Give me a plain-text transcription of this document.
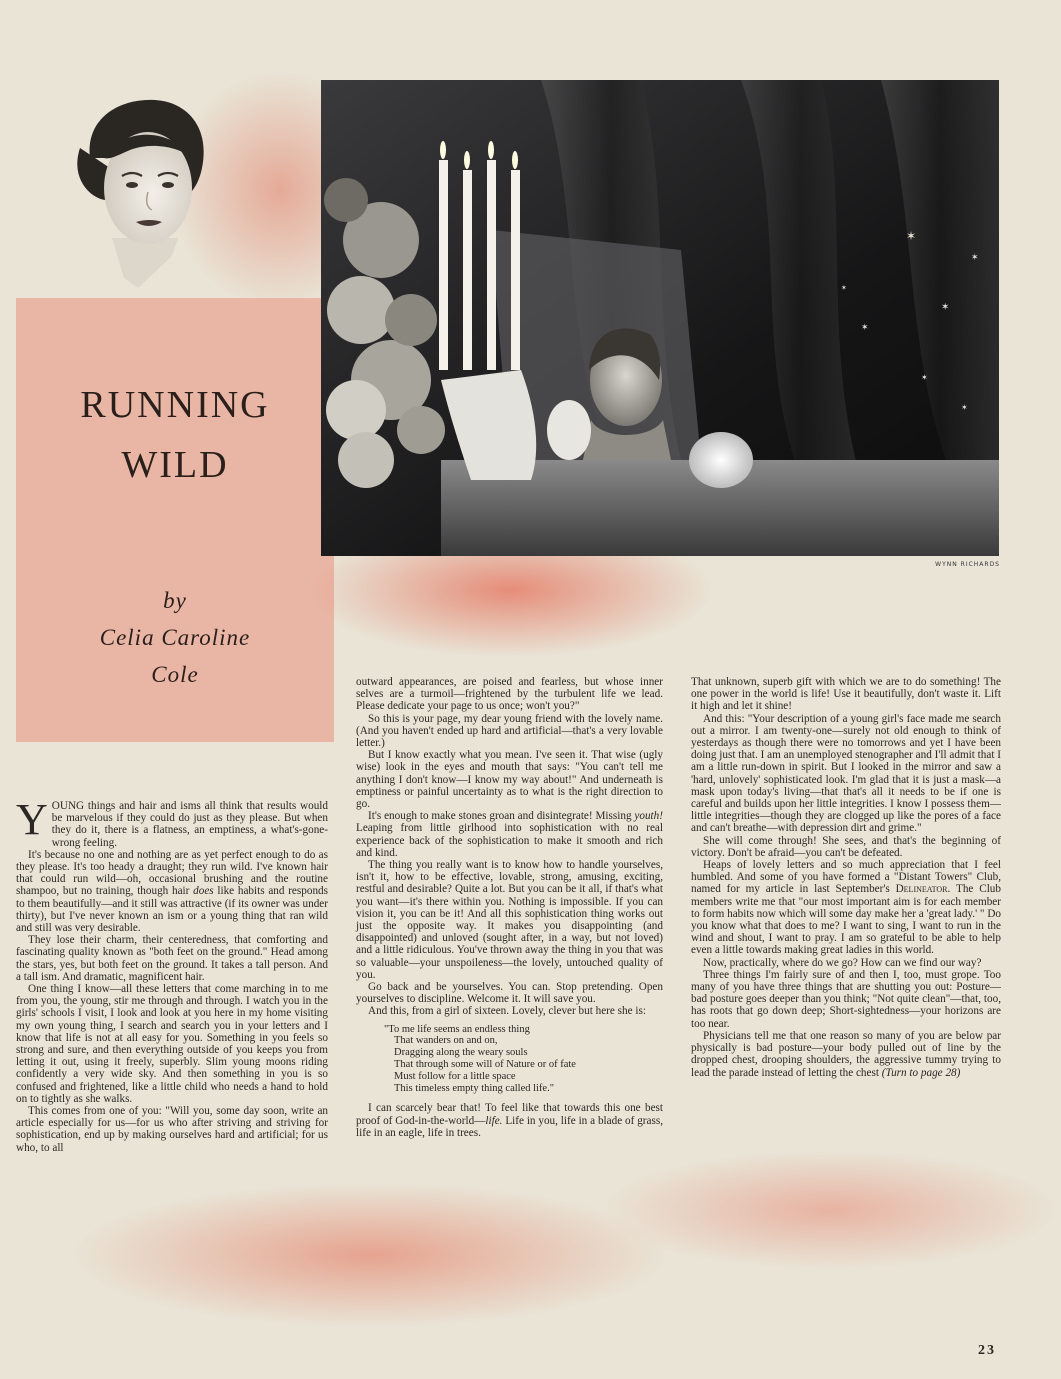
RUNNING
WILD
by
Celia Caroline
Cole
✶
✶
✶
✶
✶
✶
✶
WYNN RICHARDS

YOUNG things and hair and isms all think that results would be marvelous if they could do just as they please. But when they do it, there is a flatness, an emptiness, a what's-gone-wrong feeling.

It's because no one and nothing are as yet perfect enough to do as they please. It's too heady a draught; they run wild. I've known hair that could run wild—oh, occasional brushing and the routine shampoo, but no training, though hair does like habits and responds to them beautifully—and it still was attractive (if its owner was under thirty), but I've never known an ism or a young thing that ran wild and still was very desirable.

They lose their charm, their centeredness, that comforting and fascinating quality known as "both feet on the ground." Head among the stars, yes, but both feet on the ground. It takes a tall person. And a tall ism. And dramatic, magnificent hair.

One thing I know—all these letters that come marching in to me from you, the young, stir me through and through. I watch you in the girls' schools I visit, I look and look at you here in my home visiting my own young thing, I search and search you in your letters and I know that life is not at all easy for you. Something in you feels so strong and sure, and then everything outside of you keeps you from letting it out, using it freely, superbly. Slim young moons riding confidently a very wide sky. And then something in you is so confused and frightened, like a little child who needs a hand to hold on to tightly as she walks.

This comes from one of you: "Will you, some day soon, write an article especially for us—for us who after striving and striving for sophistication, end up by making ourselves hard and artificial; for us who, to all

outward appearances, are poised and fearless, but whose inner selves are a turmoil—frightened by the turbulent life we lead. Please dedicate your page to us once; won't you?"

So this is your page, my dear young friend with the lovely name. (And you haven't ended up hard and artificial—that's a very lovable letter.)

But I know exactly what you mean. I've seen it. That wise (ugly wise) look in the eyes and mouth that says: "You can't tell me anything I don't know—I know my way about!" And underneath is emptiness or painful uncertainty as to what is the right direction to go.

It's enough to make stones groan and disintegrate! Missing youth! Leaping from little girlhood into sophistication with no real experience back of the sophistication to make it smooth and rich and kind.

The thing you really want is to know how to handle yourselves, isn't it, how to be effective, lovable, strong, amusing, exciting, restful and desirable? Quite a lot. But you can be it all, if that's what you want—it's there within you. Nothing is impossible. If you can vision it, you can be it! And all this sophistication thing works out just the opposite way. It makes you disappointing (and disappointed) and unloved (sought after, in a way, but not loved) and a little ridiculous. You've thrown away the thing in you that was so valuable—your unspoileness—the lovely, untouched quality of you.

Go back and be yourselves. You can. Stop pretending. Open yourselves to discipline. Welcome it. It will save you.

And this, from a girl of sixteen. Lovely, clever but here she is:

"To me life seems an endless thing
That wanders on and on,
Dragging along the weary souls
That through some will of Nature or of fate
Must follow for a little space
This timeless empty thing called life."

I can scarcely bear that! To feel like that towards this one best proof of God-in-the-world—life. Life in you, life in a blade of grass, life in an eagle, life in trees.

That unknown, superb gift with which we are to do something! The one power in the world is life! Use it beautifully, don't waste it. Lift it high and let it shine!

And this: "Your description of a young girl's face made me search out a mirror. I am twenty-one—surely not old enough to think of yesterdays as though there were no tomorrows and yet I have been doing just that. I am an unemployed stenographer and I'll admit that I am a little run-down in spirit. But I looked in the mirror and saw a 'hard, unlovely' sophisticated look. I'm glad that it is just a mask—a mask upon today's living—that that's all it needs to be if one is careful and builds upon her little integrities. I know I possess them—little integrities—though they are clogged up like the pores of a face and can't breathe—with depression dirt and grime."

She will come through! She sees, and that's the beginning of victory. Don't be afraid—you can't be defeated.

Heaps of lovely letters and so much appreciation that I feel humbled. And some of you have formed a "Distant Towers" Club, named for my article in last September's Delineator. The Club members write me that "our most important aim is for each member to form habits now which will some day make her a 'great lady.' " Do you know what that does to me? I want to sing, I want to run in the wind and shout, I want to pray. I am so grateful to be able to help even a little towards making great ladies in this world.

Now, practically, where do we go? How can we find our way?

Three things I'm fairly sure of and then I, too, must grope. Too many of you have three things that are shutting you out: Posture—bad posture goes deeper than you think; "Not quite clean"—that, too, has roots that go down deep; Short-sightedness—your horizons are too near.

Physicians tell me that one reason so many of you are below par physically is bad posture—your body pulled out of line by the dropped chest, drooping shoulders, the aggressive tummy trying to lead the parade instead of letting the chest (Turn to page 28)

23
